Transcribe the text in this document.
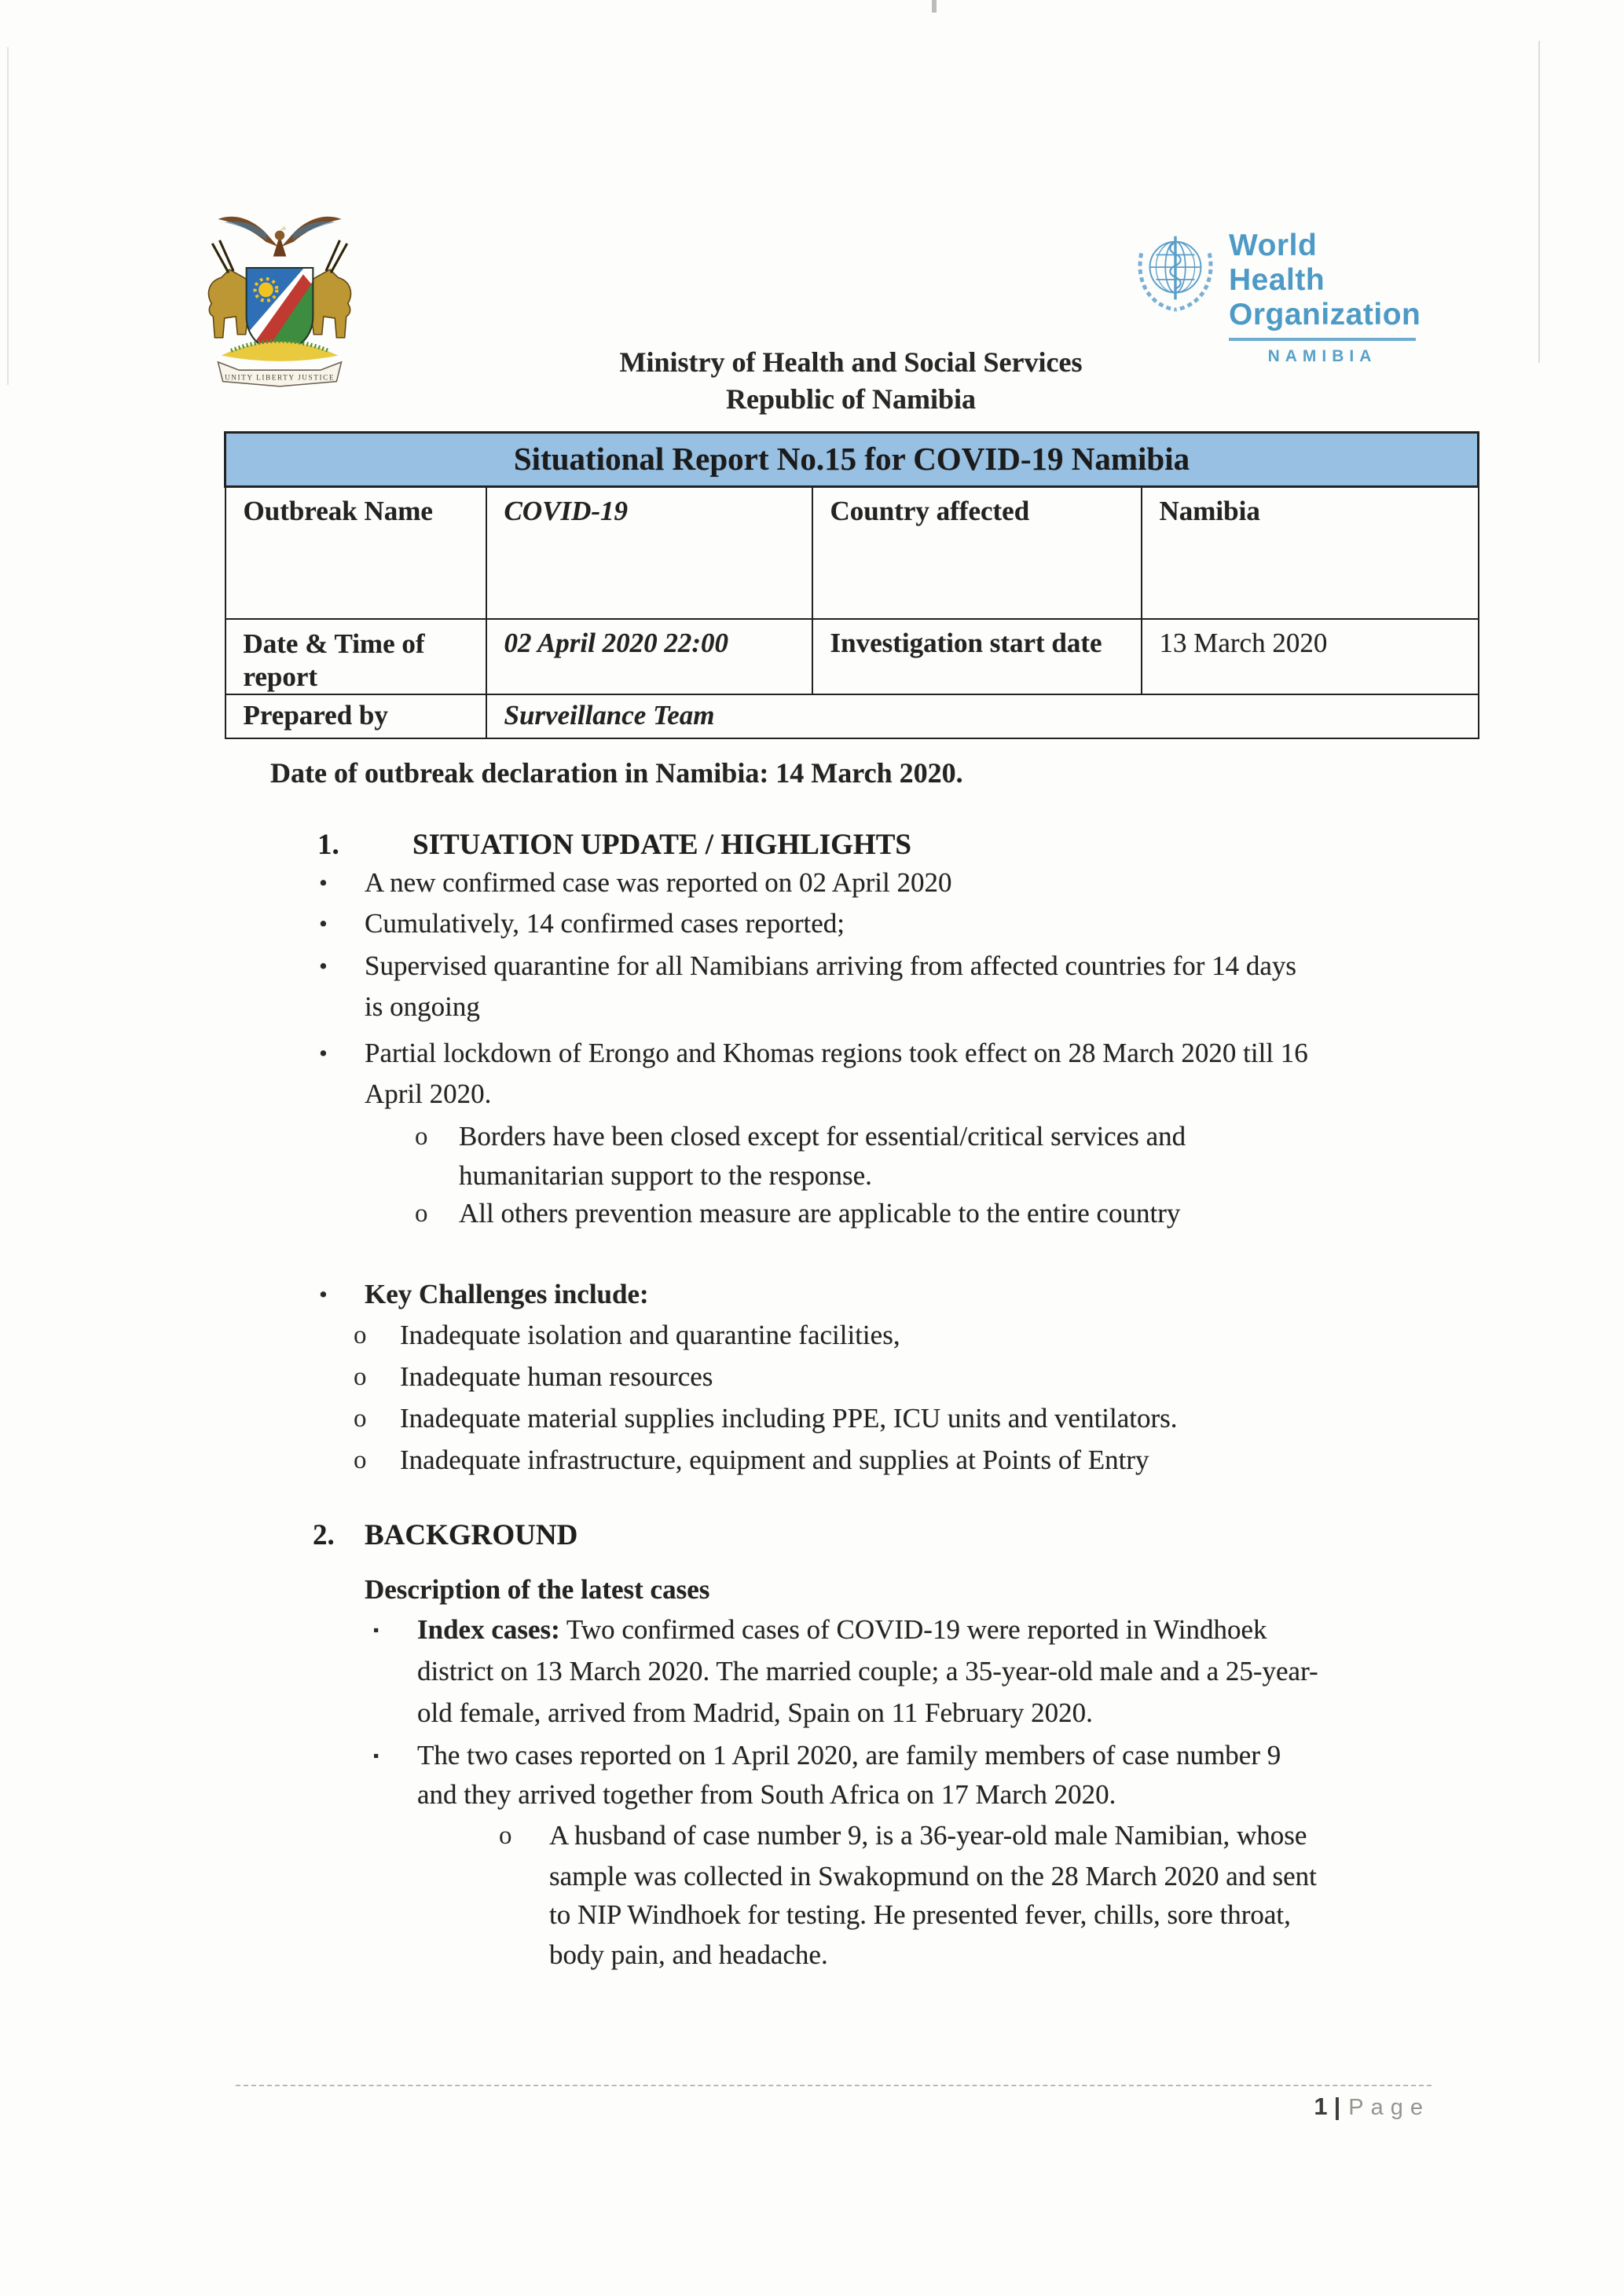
UNITY LIBERTY JUSTICE
World Health
Organization
NAMIBIA
Ministry of Health and Social Services
Republic of Namibia
Situational Report No.15 for COVID-19 Namibia			
Outbreak Name	COVID-19	Country affected	Namibia
Date & Time of report	02 April 2020 22:00	Investigation start date	13 March 2020
Prepared by	Surveillance Team		
Date of outbreak declaration in Namibia: 14 March 2020.
1.	SITUATION UPDATE / HIGHLIGHTS
• A new confirmed case was reported on 02 April 2020
• Cumulatively, 14 confirmed cases reported;
• Supervised quarantine for all Namibians arriving from affected countries for 14 days
is ongoing
• Partial lockdown of Erongo and Khomas regions took effect on 28 March 2020 till 16
April 2020.
o Borders have been closed except for essential/critical services and
humanitarian support to the response.
o All others prevention measure are applicable to the entire country
• Key Challenges include:
o Inadequate isolation and quarantine facilities,
o Inadequate human resources
o Inadequate material supplies including PPE, ICU units and ventilators.
o Inadequate infrastructure, equipment and supplies at Points of Entry
2. BACKGROUND
Description of the latest cases
▪ Index cases: Two confirmed cases of COVID-19 were reported in Windhoek
district on 13 March 2020. The married couple; a 35-year-old male and a 25-year-
old female, arrived from Madrid, Spain on 11 February 2020.
▪ The two cases reported on 1 April 2020, are family members of case number 9
and they arrived together from South Africa on 17 March 2020.
o A husband of case number 9, is a 36-year-old male Namibian, whose
sample was collected in Swakopmund on the 28 March 2020 and sent
to NIP Windhoek for testing. He presented fever, chills, sore throat,
body pain, and headache.
1 | Page
